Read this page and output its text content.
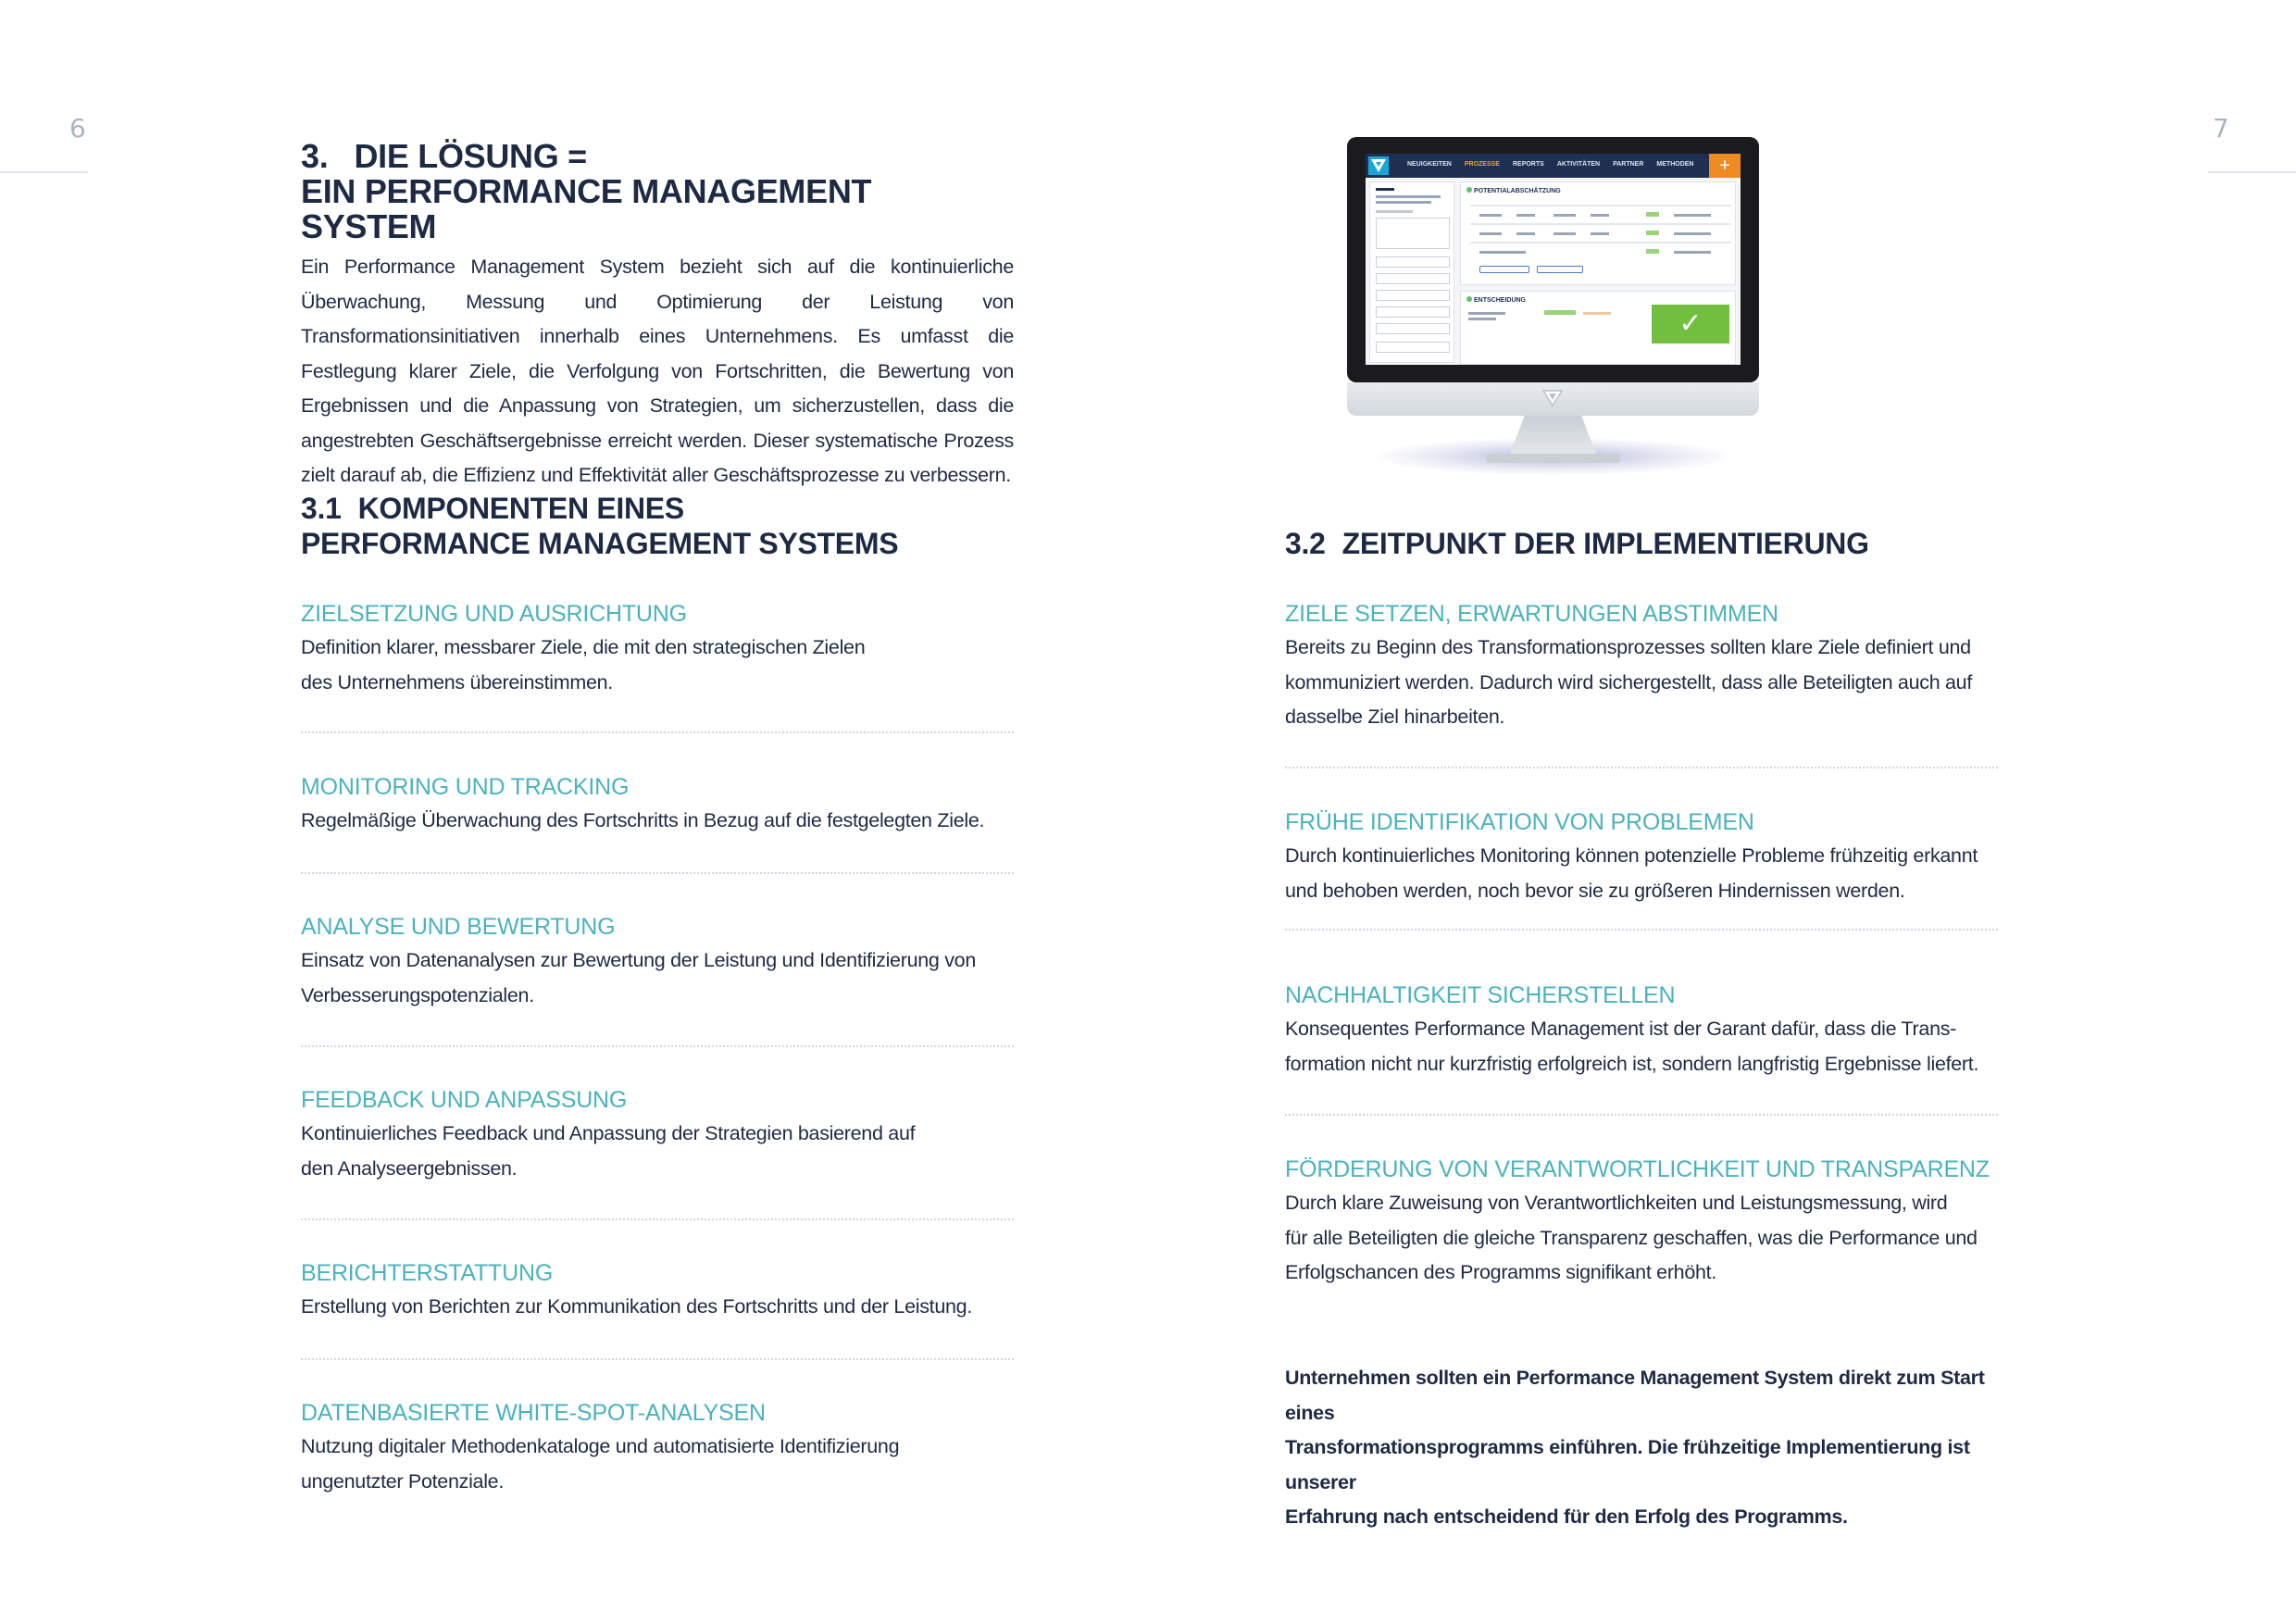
6	7
3. DIE LÖSUNG =
EIN PERFORMANCE MANAGEMENT SYSTEM

Ein Performance Management System bezieht sich auf die kontinuierliche Überwachung, Messung und Optimierung der Leistung von Transformationsinitiativen innerhalb eines Unternehmens. Es umfasst die Festlegung klarer Ziele, die Verfolgung von Fortschritten, die Bewertung von Ergebnissen und die Anpassung von Strategien, um sicherzustellen, dass die angestrebten Geschäftsergebnisse erreicht werden. Dieser systematische Prozess zielt darauf ab, die Effizienz und Effektivität aller Geschäftsprozesse zu verbessern.

3.1 KOMPONENTEN EINES
PERFORMANCE MANAGEMENT SYSTEMS
ZIELSETZUNG UND AUSRICHTUNG

Definition klarer, messbarer Ziele, die mit den strategischen Zielen

des Unternehmens übereinstimmen.

MONITORING UND TRACKING

Regelmäßige Überwachung des Fortschritts in Bezug auf die festgelegten Ziele.

ANALYSE UND BEWERTUNG

Einsatz von Datenanalysen zur Bewertung der Leistung und Identifizierung von

Verbesserungspotenzialen.

FEEDBACK UND ANPASSUNG

Kontinuierliches Feedback und Anpassung der Strategien basierend auf

den Analyseergebnissen.

BERICHTERSTATTUNG

Erstellung von Berichten zur Kommunikation des Fortschritts und der Leistung.

DATENBASIERTE WHITE-SPOT-ANALYSEN

Nutzung digitaler Methodenkataloge und automatisierte Identifizierung

ungenutzter Potenziale.

NEUIGKEITEN PROZESSE REPORTS AKTIVITÄTEN PARTNER METHODEN	+
POTENTIALABSCHÄTZUNG
ENTSCHEIDUNG
✓
3.2 ZEITPUNKT DER IMPLEMENTIERUNG
ZIELE SETZEN, ERWARTUNGEN ABSTIMMEN

Bereits zu Beginn des Transformationsprozesses sollten klare Ziele definiert und

kommuniziert werden. Dadurch wird sichergestellt, dass alle Beteiligten auch auf

dasselbe Ziel hinarbeiten.

FRÜHE IDENTIFIKATION VON PROBLEMEN

Durch kontinuierliches Monitoring können potenzielle Probleme frühzeitig erkannt

und behoben werden, noch bevor sie zu größeren Hindernissen werden.

NACHHALTIGKEIT SICHERSTELLEN

Konsequentes Performance Management ist der Garant dafür, dass die Trans-

formation nicht nur kurzfristig erfolgreich ist, sondern langfristig Ergebnisse liefert.

FÖRDERUNG VON VERANTWORTLICHKEIT UND TRANSPARENZ

Durch klare Zuweisung von Verantwortlichkeiten und Leistungsmessung, wird

für alle Beteiligten die gleiche Transparenz geschaffen, was die Performance und

Erfolgschancen des Programms signifikant erhöht.

Unternehmen sollten ein Performance Management System direkt zum Start eines

Transformationsprogramms einführen. Die frühzeitige Implementierung ist unserer

Erfahrung nach entscheidend für den Erfolg des Programms.
